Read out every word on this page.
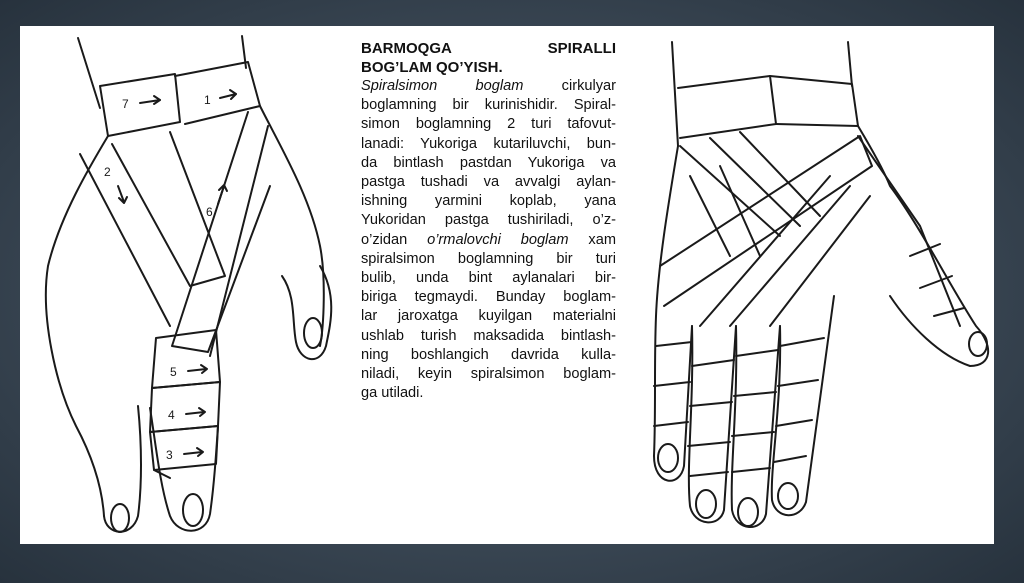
7	1
2
6
5
4
3
BARMOQGA SPIRALLI
BOG’LAM QO’YISH.

Spiralsimon boglam cirkulyar
boglamning bir kurinishidir. Spiral-
simon boglamning 2 turi tafovut-
lanadi: Yukoriga kutariluvchi, bun-
da bintlash pastdan Yukoriga va
pastga tushadi va avvalgi aylan-
ishning yarmini koplab, yana
Yukoridan pastga tushiriladi, o’z-
o’zidan o’rmalovchi boglam xam
spiralsimon boglamning bir turi
bulib, unda bint aylanalari bir-
biriga tegmaydi. Bunday boglam-
lar jaroxatga kuyilgan materialni
ushlab turish maksadida bintlash-
ning boshlangich davrida kulla-
niladi, keyin spiralsimon boglam-
ga utiladi.
